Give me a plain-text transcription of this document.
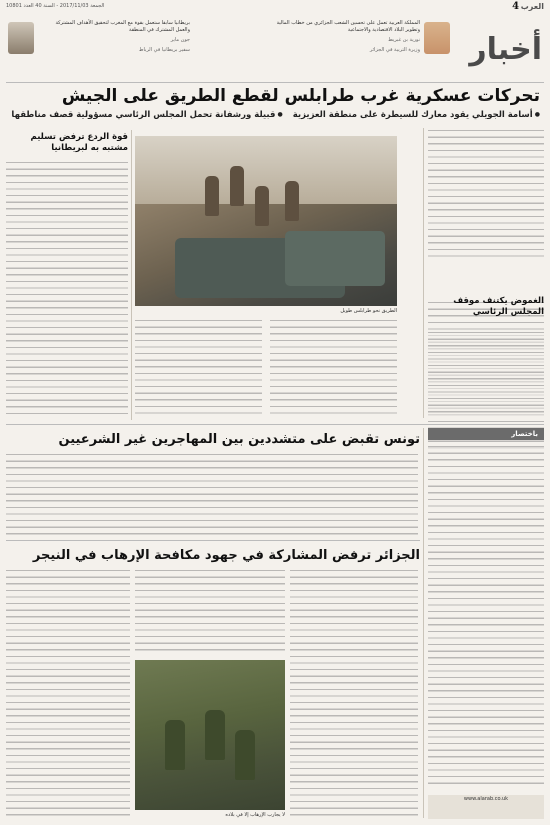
الجمعة 2017/11/03 - السنة 40 العدد 10801	العرب 4
أخبار
المملكة العربية تعمل على تحسين الشعب الجزائري من خطاب المالية وتطوير البلاد الاقتصادية والاجتماعية
نورية بن غبريط
وزيرة التربية في الجزائر
بريطانيا سابقا ستعمل بقوة مع المغرب لتحقيق الأهداف المشتركة والعمل المشترك في المنطقة
جون ماير
سفير بريطانيا في الرباط
تحركات عسكرية غرب طرابلس لقطع الطريق على الجيش
● أسامة الجويلي يقود معارك للسيطرة على منطقة العزيزية
● قبيلة ورشفانة تحمل المجلس الرئاسي مسؤولية قصف مناطقها
الغموض يكتنف موقف المجلس الرئاسي
الطريق نحو طرابلس طويل
قوة الردع ترفض تسليم مشتبه به لبريطانيا
باختصار
تونس تقبض على متشددين بين المهاجرين غير الشرعيين
الجزائر ترفض المشاركة في جهود مكافحة الإرهاب في النيجر
لا يجارب الإرهاب إلا في بلاده
www.alarab.co.uk
